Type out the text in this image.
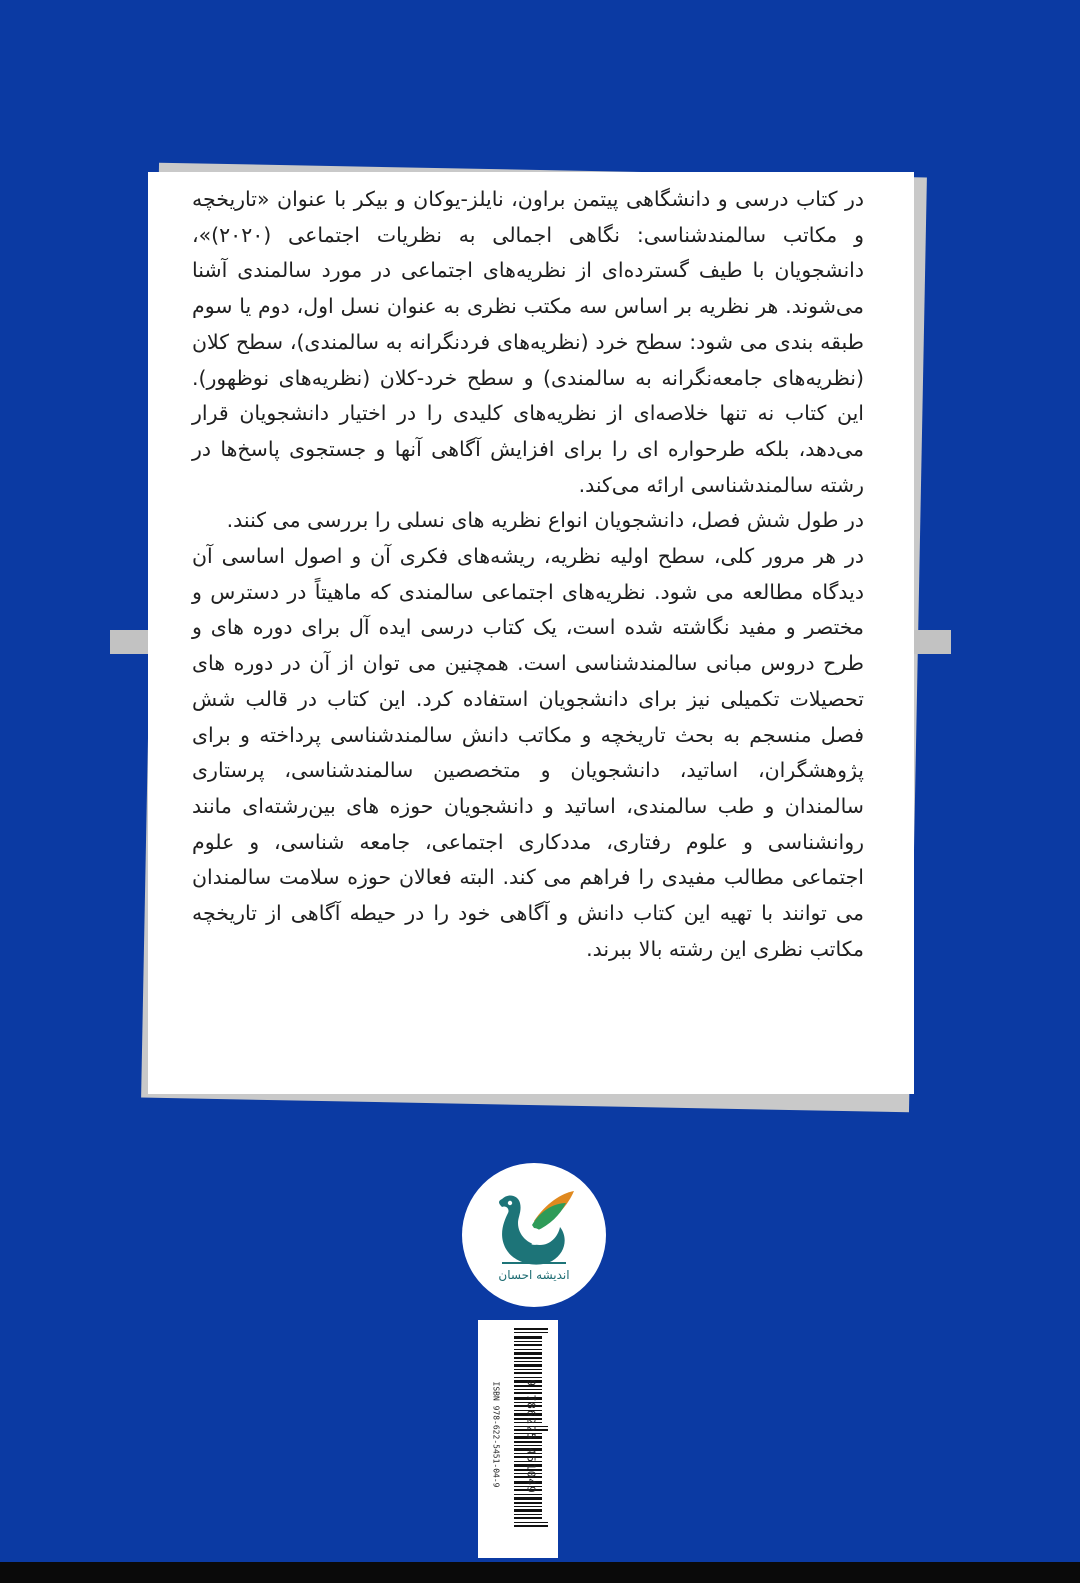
در کتاب درسی و دانشگاهی پیتمن براون، نایلز-یوکان و بیکر با عنوان «تاریخچه و مکاتب سالمندشناسی: نگاهی اجمالی به نظریات اجتماعی (۲۰۲۰)»، دانشجویان با طیف گسترده‌ای از نظریه‌های اجتماعی در مورد سالمندی آشنا می‌شوند. هر نظریه بر اساس سه مکتب نظری به عنوان نسل اول، دوم یا سوم طبقه بندی می شود: سطح خرد (نظریه‌های فردنگرانه به سالمندی)، سطح کلان (نظریه‌های جامعه‌نگرانه به سالمندی) و سطح خرد-کلان (نظریه‌های نوظهور). این کتاب نه تنها خلاصه‌ای از نظریه‌های کلیدی را در اختیار دانشجویان قرار می‌دهد، بلکه طرحواره ای را برای افزایش آگاهی آنها و جستجوی پاسخ‌ها در رشته سالمندشناسی ارائه می‌کند.

در طول شش فصل، دانشجویان انواع نظریه های نسلی را بررسی می کنند.

در هر مرور کلی، سطح اولیه نظریه، ریشه‌های فکری آن و اصول اساسی آن دیدگاه مطالعه می شود. نظریه‌های اجتماعی سالمندی که ماهیتاً در دسترس و مختصر و مفید نگاشته شده است، یک کتاب درسی ایده آل برای دوره های و طرح دروس مبانی سالمندشناسی است. همچنین می توان از آن در دوره های تحصیلات تکمیلی نیز برای دانشجویان استفاده کرد. این کتاب در قالب شش فصل منسجم به بحث تاریخچه و مکاتب دانش سالمندشناسی پرداخته و برای پژوهشگران، اساتید، دانشجویان و متخصصین سالمندشناسی، پرستاری سالمندان و طب سالمندی، اساتید و دانشجویان حوزه های بین‌رشته‌ای مانند روانشناسی و علوم رفتاری، مددکاری اجتماعی، جامعه شناسی، و علوم اجتماعی مطالب مفیدی را فراهم می کند. البته فعالان حوزه سلامت سالمندان می توانند با تهیه این کتاب دانش و آگاهی خود را در حیطه آگاهی از تاریخچه مکاتب نظری این رشته بالا ببرند.

اندیشه احسان
ISBN 978-622-5451-04-9 9 786225 451049
